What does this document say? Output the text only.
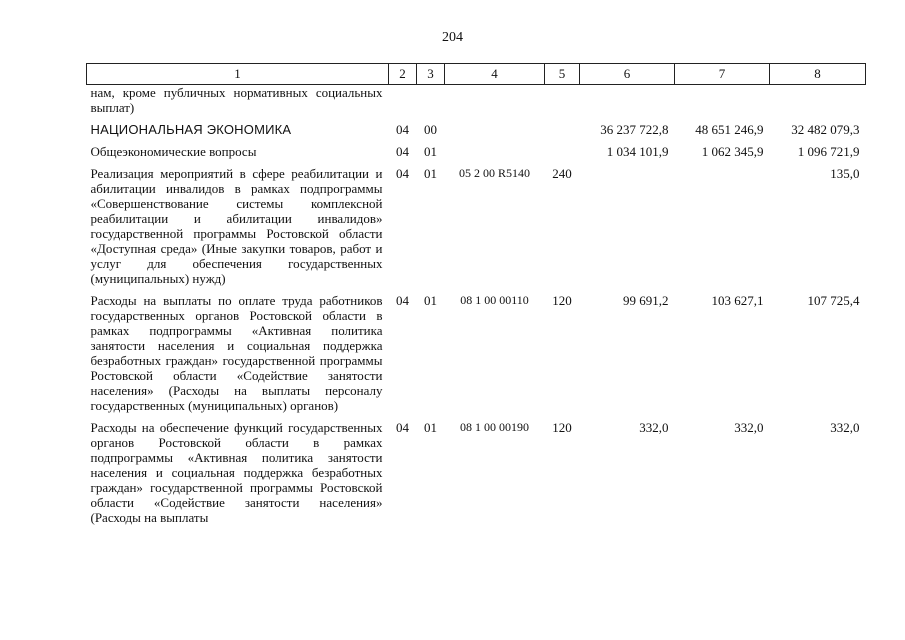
204
1	2	3	4	5	6	7	8
нам, кроме публичных нормативных социальных выплат)							
НАЦИОНАЛЬНАЯ ЭКОНОМИКА	04	00			36 237 722,8	48 651 246,9	32 482 079,3
Общеэкономические вопросы	04	01			1 034 101,9	1 062 345,9	1 096 721,9
Реализация мероприятий в сфере реабилитации и абилитации инвалидов в рамках подпрограммы «Совершенствование системы комплексной реабилитации и абилитации инвалидов» государственной программы Ростовской области «Доступная среда» (Иные закупки товаров, работ и услуг для обеспечения государственных (муниципальных) нужд)	04	01	05 2 00 R5140	240			135,0
Расходы на выплаты по оплате труда работников государственных органов Ростовской области в рамках подпрограммы «Активная политика занятости населения и социальная поддержка безработных граждан» государственной программы Ростовской области «Содействие занятости населения» (Расходы на выплаты персоналу государственных (муниципальных) органов)	04	01	08 1 00 00110	120	99 691,2	103 627,1	107 725,4
Расходы на обеспечение функций государственных органов Ростовской области в рамках подпрограммы «Активная политика занятости населения и социальная поддержка безработных граждан» государственной программы Ростовской области «Содействие занятости населения» (Расходы на выплаты	04	01	08 1 00 00190	120	332,0	332,0	332,0
